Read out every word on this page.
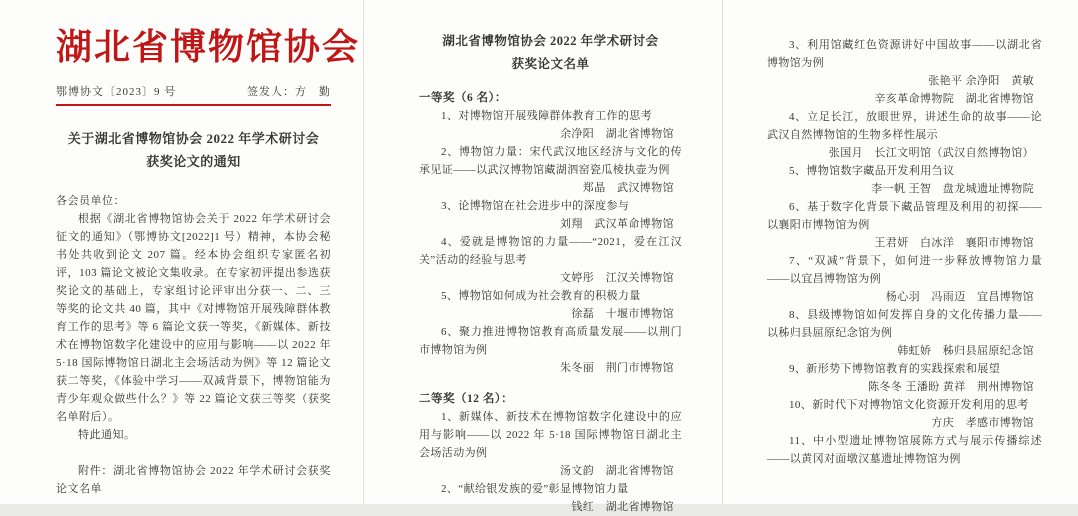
湖北省博物馆协会
鄂博协文〔2023〕9 号	签发人：方　勤
关于湖北省博物馆协会 2022 年学术研讨会
获奖论文的通知
各会员单位：
根据《湖北省博物馆协会关于 2022 年学术研讨会征文的通知》（鄂博协文[2022]1 号）精神，本协会秘书处共收到论文 207 篇。经本协会组织专家匿名初评，103 篇论文被论文集收录。在专家初评提出参选获奖论文的基础上，专家组讨论评审出分获一、二、三等奖的论文共 40 篇，其中《对博物馆开展残障群体教育工作的思考》等 6 篇论文获一等奖，《新媒体、新技术在博物馆数字化建设中的应用与影响——以 2022 年 5·18 国际博物馆日湖北主会场活动为例》等 12 篇论文获二等奖，《体验中学习——双减背景下，博物馆能为青少年观众做些什么？》等 22 篇论文获三等奖（获奖名单附后）。
特此通知。
附件：湖北省博物馆协会 2022 年学术研讨会获奖论文名单
湖北省博物馆协会 2022 年学术研讨会
获奖论文名单
一等奖（6 名）：
1、对博物馆开展残障群体教育工作的思考
余净阳　湖北省博物馆
2、博物馆力量：宋代武汉地区经济与文化的传承见证——以武汉博物馆藏湖泗窑瓷瓜棱执壶为例
郑晶　武汉博物馆
3、论博物馆在社会进步中的深度参与
刘翔　武汉革命博物馆
4、爱就是博物馆的力量——“2021，爱在江汉关”活动的经验与思考
文婷彤　江汉关博物馆
5、博物馆如何成为社会教育的积极力量
徐磊　十堰市博物馆
6、聚力推进博物馆教育高质量发展——以荆门市博物馆为例
朱冬丽　荆门市博物馆
二等奖（12 名）：
1、新媒体、新技术在博物馆数字化建设中的应用与影响——以 2022 年 5·18 国际博物馆日湖北主会场活动为例
汤文韵　湖北省博物馆
2、“献给银发族的爱”彰显博物馆力量
钱红　湖北省博物馆
3、利用馆藏红色资源讲好中国故事——以湖北省博物馆为例
张艳平 余净阳　黄敏
辛亥革命博物院　湖北省博物馆
4、立足长江，放眼世界，讲述生命的故事——论武汉自然博物馆的生物多样性展示
张国月　长江文明馆（武汉自然博物馆）
5、博物馆数字藏品开发利用刍议
李一帆 王智　盘龙城遗址博物院
6、基于数字化背景下藏品管理及利用的初探——以襄阳市博物馆为例
王君妍　白冰洋　襄阳市博物馆
7、“双减”背景下，如何进一步释放博物馆力量——以宜昌博物馆为例
杨心羽　冯雨迈　宜昌博物馆
8、县级博物馆如何发挥自身的文化传播力量——以秭归县屈原纪念馆为例
韩虹娇　秭归县屈原纪念馆
9、新形势下博物馆教育的实践探索和展望
陈冬冬 王潘盼 黄祥　荆州博物馆
10、新时代下对博物馆文化资源开发利用的思考
方庆　孝感市博物馆
11、中小型遗址博物馆展陈方式与展示传播综述——以黄冈对面墩汉墓遗址博物馆为例
